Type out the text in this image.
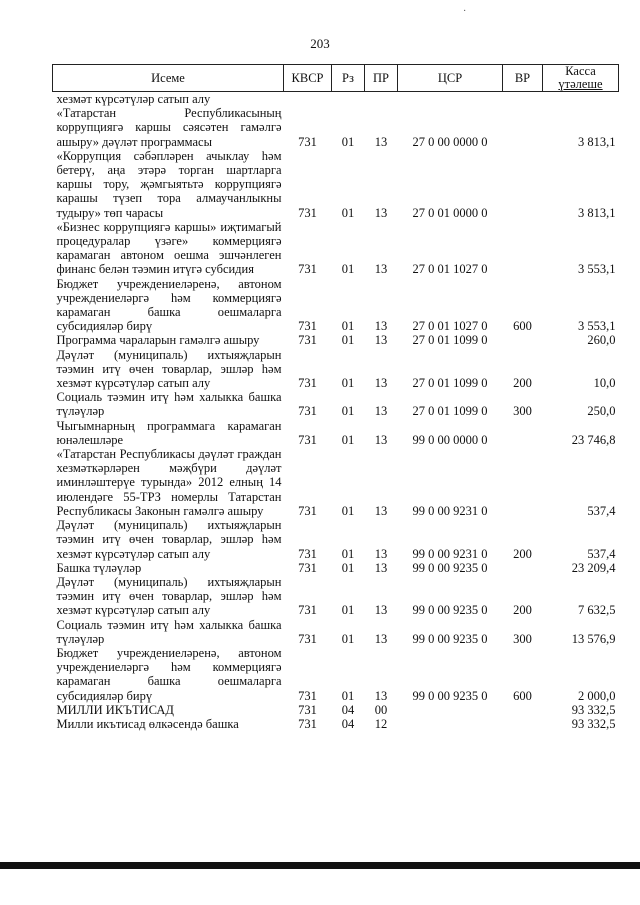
·
203
Исеме	КВСР	Рз	ПР	ЦСР	ВР	Касса
үтәлеше

хезмәт күрсәтүләр сатып алу						
«Татарстан Республикасының коррупциягә каршы сәясәтен гамәлгә ашыру» дәүләт программасы	731	01	13	27 0 00 0000 0		3 813,1
«Коррупция сәбәпләрен ачыклау һәм бетерү, аңа этәрә торган шартларга каршы тору, җәмгыятьтә коррупциягә карашы түзеп тора алмаучанлыкны тудыру» төп чарасы	731	01	13	27 0 01 0000 0		3 813,1
«Бизнес коррупциягә каршы» иҗтимагый процедуралар үзәге» коммерциягә карамаган автоном оешма эшчәнлеген финанс белән тәэмин итүгә субсидия	731	01	13	27 0 01 1027 0		3 553,1
Бюджет учреждениеләренә, автоном учреждениеләргә һәм коммерциягә карамаган башка оешмаларга субсидияләр бирү	731	01	13	27 0 01 1027 0	600	3 553,1
Программа чараларын гамәлгә ашыру	731	01	13	27 0 01 1099 0		260,0
Дәүләт (муниципаль) ихтыяҗларын тәэмин итү өчен товарлар, эшләр һәм хезмәт күрсәтүләр сатып алу	731	01	13	27 0 01 1099 0	200	10,0
Социаль тәэмин итү һәм халыкка башка түләүләр	731	01	13	27 0 01 1099 0	300	250,0
Чыгымнарның программага карамаган юнәлешләре	731	01	13	99 0 00 0000 0		23 746,8
«Татарстан Республикасы дәүләт граждан хезмәткәрләрен мәҗбүри дәүләт иминләштерүе турында» 2012 елның 14 июлендәге 55-ТРЗ номерлы Татарстан Республикасы Законын гамәлгә ашыру	731	01	13	99 0 00 9231 0		537,4
Дәүләт (муниципаль) ихтыяҗларын тәэмин итү өчен товарлар, эшләр һәм хезмәт күрсәтүләр сатып алу	731	01	13	99 0 00 9231 0	200	537,4
Башка түләүләр	731	01	13	99 0 00 9235 0		23 209,4
Дәүләт (муниципаль) ихтыяҗларын тәэмин итү өчен товарлар, эшләр һәм хезмәт күрсәтүләр сатып алу	731	01	13	99 0 00 9235 0	200	7 632,5
Социаль тәэмин итү һәм халыкка башка түләүләр	731	01	13	99 0 00 9235 0	300	13 576,9
Бюджет учреждениеләренә, автоном учреждениеләргә һәм коммерциягә карамаган башка оешмаларга субсидияләр бирү	731	01	13	99 0 00 9235 0	600	2 000,0
МИЛЛИ ИКЪТИСАД	731	04	00			93 332,5
Милли икътисад өлкәсендә башка	731	04	12			93 332,5
